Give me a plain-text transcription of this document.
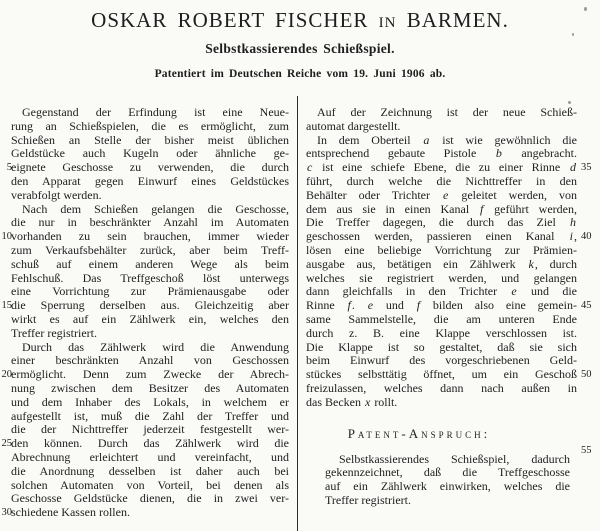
OSKAR ROBERT FISCHER IN BARMEN.
Selbstkassierendes Schießspiel.
Patentiert im Deutschen Reiche vom 19. Juni 1906 ab.
Gegenstand der Erfindung ist eine Neue-
rung an Schießspielen, die es ermöglicht, zum
Schießen an Stelle der bisher meist üblichen
Geldstücke auch Kugeln oder ähnliche ge-
eignete Geschosse zu verwenden, die durch
den Apparat gegen Einwurf eines Geldstückes
verabfolgt werden.
Nach dem Schießen gelangen die Geschosse,
die nur in beschränkter Anzahl im Automaten
vorhanden zu sein brauchen, immer wieder
zum Verkaufsbehälter zurück, aber beim Treff-
schuß auf einem anderen Wege als beim
Fehlschuß. Das Treffgeschoß löst unterwegs
eine Vorrichtung zur Prämienausgabe oder
die Sperrung derselben aus. Gleichzeitig aber
wirkt es auf ein Zählwerk ein, welches den
Treffer registriert.
Durch das Zählwerk wird die Anwendung
einer beschränkten Anzahl von Geschossen
ermöglicht. Denn zum Zwecke der Abrech-
nung zwischen dem Besitzer des Automaten
und dem Inhaber des Lokals, in welchem er
aufgestellt ist, muß die Zahl der Treffer und
die der Nichttreffer jederzeit festgestellt wer-
den können. Durch das Zählwerk wird die
Abrechnung erleichtert und vereinfacht, und
die Anordnung desselben ist daher auch bei
solchen Automaten von Vorteil, bei denen als
Geschosse Geldstücke dienen, die in zwei ver-
schiedene Kassen rollen.
Auf der Zeichnung ist der neue Schieß-
automat dargestellt.
In dem Oberteil a ist wie gewöhnlich die
entsprechend gebaute Pistole b angebracht.
c ist eine schiefe Ebene, die zu einer Rinne d
führt, durch welche die Nichttreffer in den
Behälter oder Trichter e geleitet werden, von
dem aus sie in einen Kanal f geführt werden,
Die Treffer dagegen, die durch das Ziel h
geschossen werden, passieren einen Kanal i,
lösen eine beliebige Vorrichtung zur Prämien-
ausgabe aus, betätigen ein Zählwerk k, durch
welches sie registriert werden, und gelangen
dann gleichfalls in den Trichter e und die
Rinne f. e und f bilden also eine gemein-
same Sammelstelle, die am unteren Ende
durch z. B. eine Klappe verschlossen ist.
Die Klappe ist so gestaltet, daß sie sich
beim Einwurf des vorgeschriebenen Geld-
stückes selbsttätig öffnet, um ein Geschoß
freizulassen, welches dann nach außen in
das Becken x rollt.
Patent-Anspruch:
Selbstkassierendes Schießspiel, dadurch
gekennzeichnet, daß die Treffgeschosse
auf ein Zählwerk einwirken, welches die
Treffer registriert.
5
10
15
20
25
30
35
40
45
50
55
